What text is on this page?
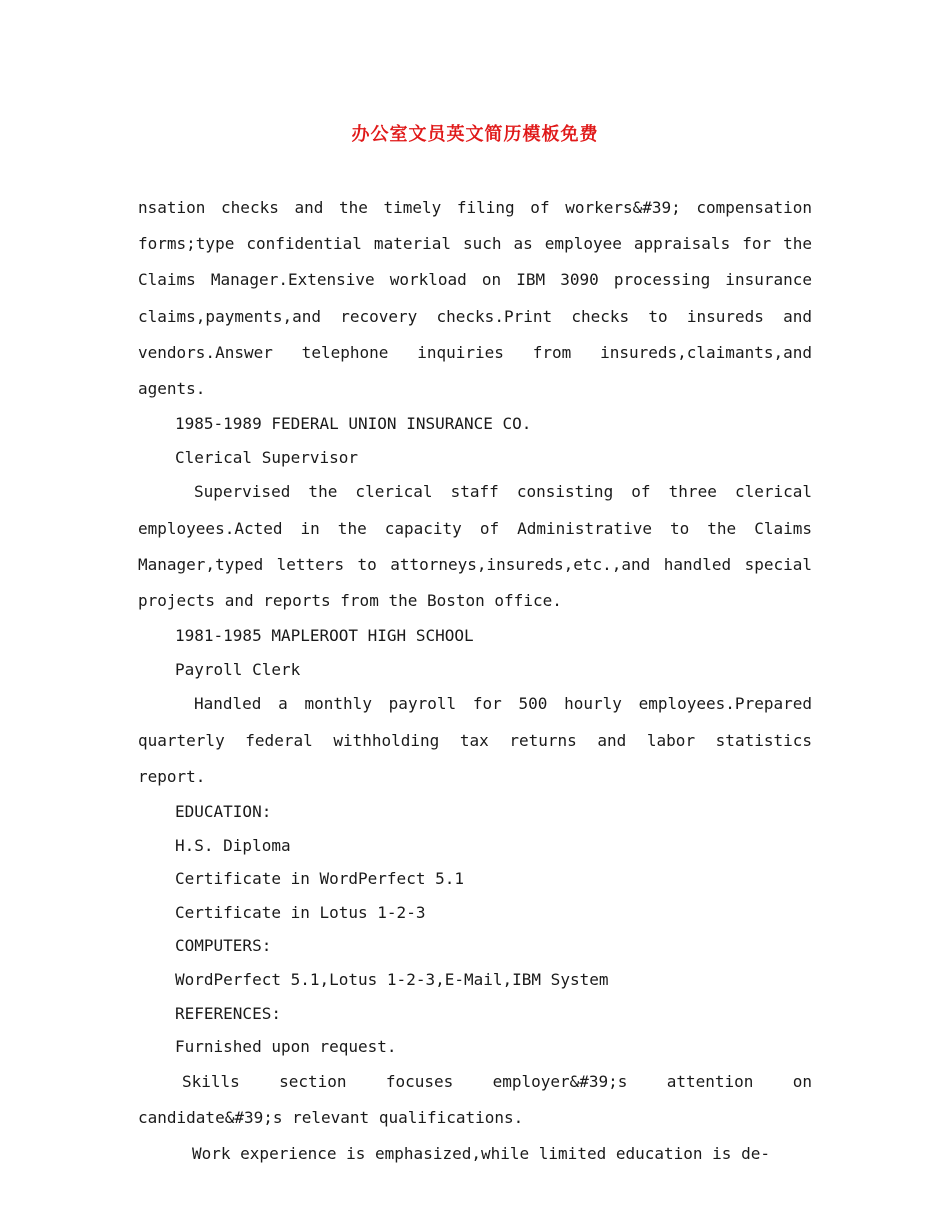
办公室文员英文简历模板免费

nsation checks and the timely filing of workers&#39; compensation forms;type confidential material such as employee appraisals for the Claims Manager.Extensive workload on IBM 3090 processing insurance claims,payments,and recovery checks.Print checks to insureds and vendors.Answer telephone inquiries from insureds,claimants,and agents.

1985-1989 FEDERAL UNION INSURANCE CO.

Clerical Supervisor

Supervised the clerical staff consisting of three clerical employees.Acted in the capacity of Administrative to the Claims Manager,typed letters to attorneys,insureds,etc.,and handled special projects and reports from the Boston office.

1981-1985 MAPLEROOT HIGH SCHOOL

Payroll Clerk

Handled a monthly payroll for 500 hourly employees.Prepared quarterly federal withholding tax returns and labor statistics report.

EDUCATION:

H.S. Diploma

Certificate in WordPerfect 5.1

Certificate in Lotus 1-2-3

COMPUTERS:

WordPerfect 5.1,Lotus 1-2-3,E-Mail,IBM System

REFERENCES:

Furnished upon request.

Skills section focuses employer&#39;s attention on candidate&#39;s relevant qualifications.

Work experience is emphasized,while limited education is de-
